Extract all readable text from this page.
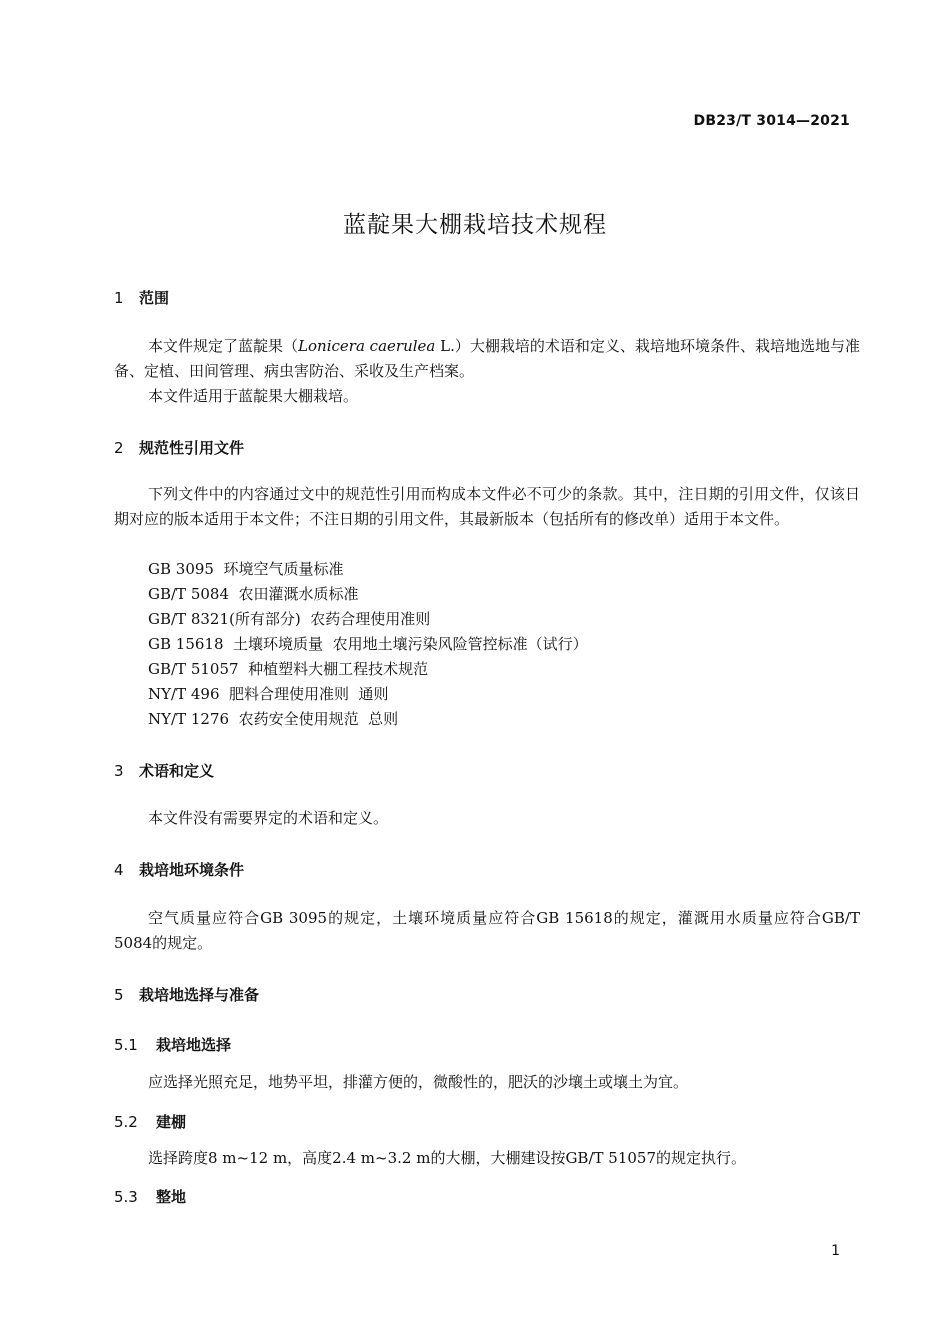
DB23/T 3014—2021
蓝靛果大棚栽培技术规程
1 范围
本文件规定了蓝靛果（Lonicera caerulea L.）大棚栽培的术语和定义、栽培地环境条件、栽培地选地与准备、定植、田间管理、病虫害防治、采收及生产档案。
本文件适用于蓝靛果大棚栽培。
2 规范性引用文件
下列文件中的内容通过文中的规范性引用而构成本文件必不可少的条款。其中，注日期的引用文件，仅该日期对应的版本适用于本文件；不注日期的引用文件，其最新版本（包括所有的修改单）适用于本文件。
GB 3095  环境空气质量标准
GB/T 5084  农田灌溉水质标准
GB/T 8321(所有部分)  农药合理使用准则
GB 15618  土壤环境质量  农用地土壤污染风险管控标准（试行）
GB/T 51057  种植塑料大棚工程技术规范
NY/T 496  肥料合理使用准则  通则
NY/T 1276  农药安全使用规范  总则
3 术语和定义
本文件没有需要界定的术语和定义。
4 栽培地环境条件
空气质量应符合GB 3095的规定，土壤环境质量应符合GB 15618的规定，灌溉用水质量应符合GB/T 5084的规定。
5 栽培地选择与准备
5.1 栽培地选择
应选择光照充足，地势平坦，排灌方便的，微酸性的，肥沃的沙壤土或壤土为宜。
5.2 建棚
选择跨度8 m~12 m，高度2.4 m~3.2 m的大棚，大棚建设按GB/T 51057的规定执行。
5.3 整地
1
